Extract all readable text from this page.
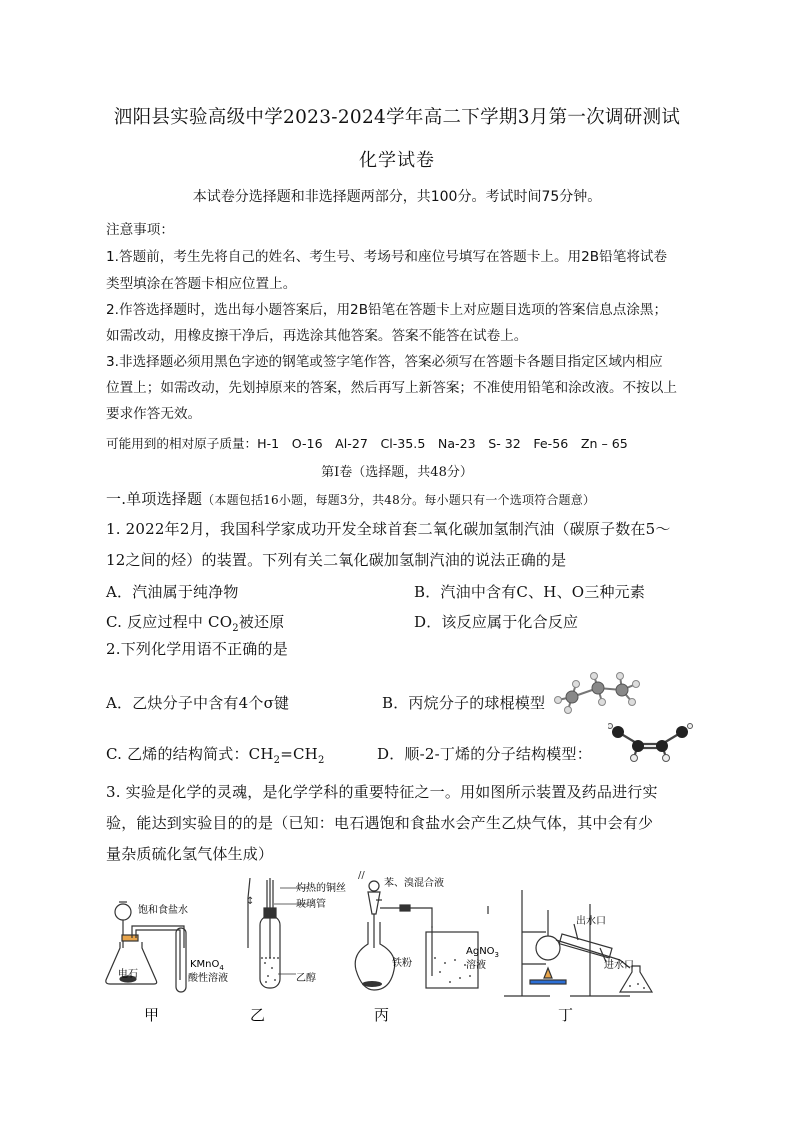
泗阳县实验高级中学2023-2024学年高二下学期3月第一次调研测试
化学试卷
本试卷分选择题和非选择题两部分，共100分。考试时间75分钟。
注意事项：
1.答题前，考生先将自己的姓名、考生号、考场号和座位号填写在答题卡上。用2B铅笔将试卷
类型填涂在答题卡相应位置上。
2.作答选择题时，选出每小题答案后，用2B铅笔在答题卡上对应题目选项的答案信息点涂黑；
如需改动，用橡皮擦干净后，再选涂其他答案。答案不能答在试卷上。
3.非选择题必须用黑色字迹的钢笔或签字笔作答，答案必须写在答题卡各题目指定区域内相应
位置上；如需改动，先划掉原来的答案，然后再写上新答案；不准使用铅笔和涂改液。不按以上
要求作答无效。
可能用到的相对原子质量：H-1　O-16　Al-27　Cl-35.5　Na-23　S- 32　Fe-56　Zn – 65
第Ⅰ卷（选择题，共48分）
一.单项选择题（本题包括16小题，每题3分，共48分。每小题只有一个选项符合题意）
1. 2022年2月，我国科学家成功开发全球首套二氧化碳加氢制汽油（碳原子数在5～
12之间的烃）的装置。下列有关二氧化碳加氢制汽油的说法正确的是
A．汽油属于纯净物	B．汽油中含有C、H、O三种元素
C. 反应过程中 $CO_2$被还原	D．该反应属于化合反应
2.下列化学用语不正确的是
A．乙炔分子中含有4个σ键	B．丙烷分子的球棍模型
C. 乙烯的结构简式：$CH_2=CH_2$	D．顺-2-丁烯的分子结构模型：
3. 实验是化学的灵魂，是化学学科的重要特征之一。用如图所示装置及药品进行实
验，能达到实验目的的是（已知：电石遇饱和食盐水会产生乙炔气体，其中会有少
量杂质硫化氢气体生成）
饱和食盐水
电石
KMnO$_4$
酸性溶液
甲
↕
灼热的铜丝
玻璃管
乙醇
乙
//
苯、溴混合液
铁粉
AgNO$_3$
溶液
丙
出水口
进水口
丁
